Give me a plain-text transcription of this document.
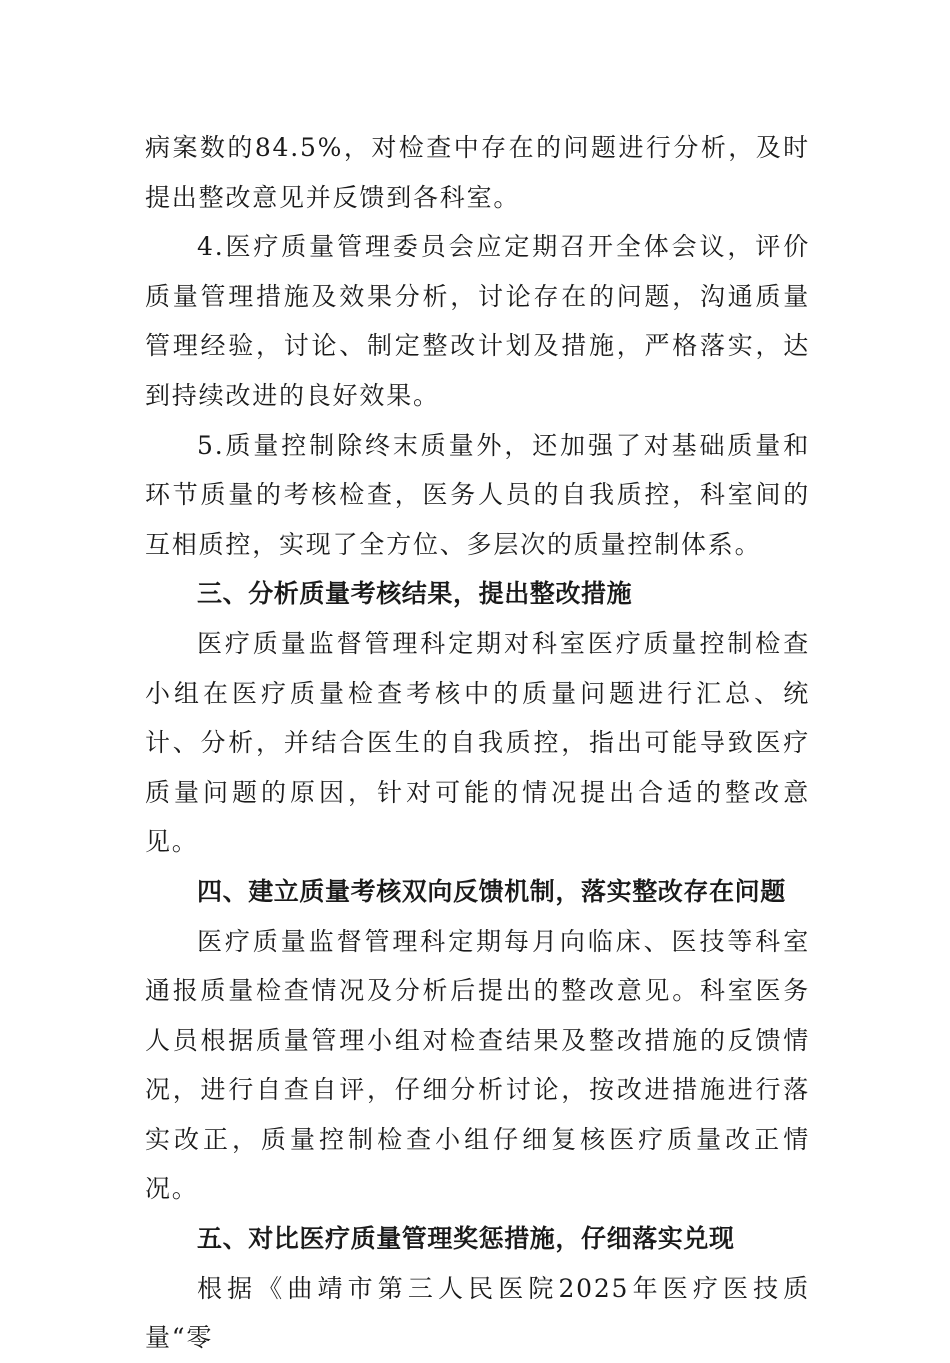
病案数的84.5%，对检查中存在的问题进行分析，及时提出整改意见并反馈到各科室。

4.医疗质量管理委员会应定期召开全体会议，评价质量管理措施及效果分析，讨论存在的问题，沟通质量管理经验，讨论、制定整改计划及措施，严格落实，达到持续改进的良好效果。

5.质量控制除终末质量外，还加强了对基础质量和环节质量的考核检查，医务人员的自我质控，科室间的互相质控，实现了全方位、多层次的质量控制体系。

三、分析质量考核结果，提出整改措施

医疗质量监督管理科定期对科室医疗质量控制检查小组在医疗质量检查考核中的质量问题进行汇总、统计、分析，并结合医生的自我质控，指出可能导致医疗质量问题的原因，针对可能的情况提出合适的整改意见。

四、建立质量考核双向反馈机制，落实整改存在问题

医疗质量监督管理科定期每月向临床、医技等科室通报质量检查情况及分析后提出的整改意见。科室医务人员根据质量管理小组对检查结果及整改措施的反馈情况，进行自查自评，仔细分析讨论，按改进措施进行落实改正，质量控制检查小组仔细复核医疗质量改正情况。

五、对比医疗质量管理奖惩措施，仔细落实兑现

根据《曲靖市第三人民医院2025年医疗医技质量“零
